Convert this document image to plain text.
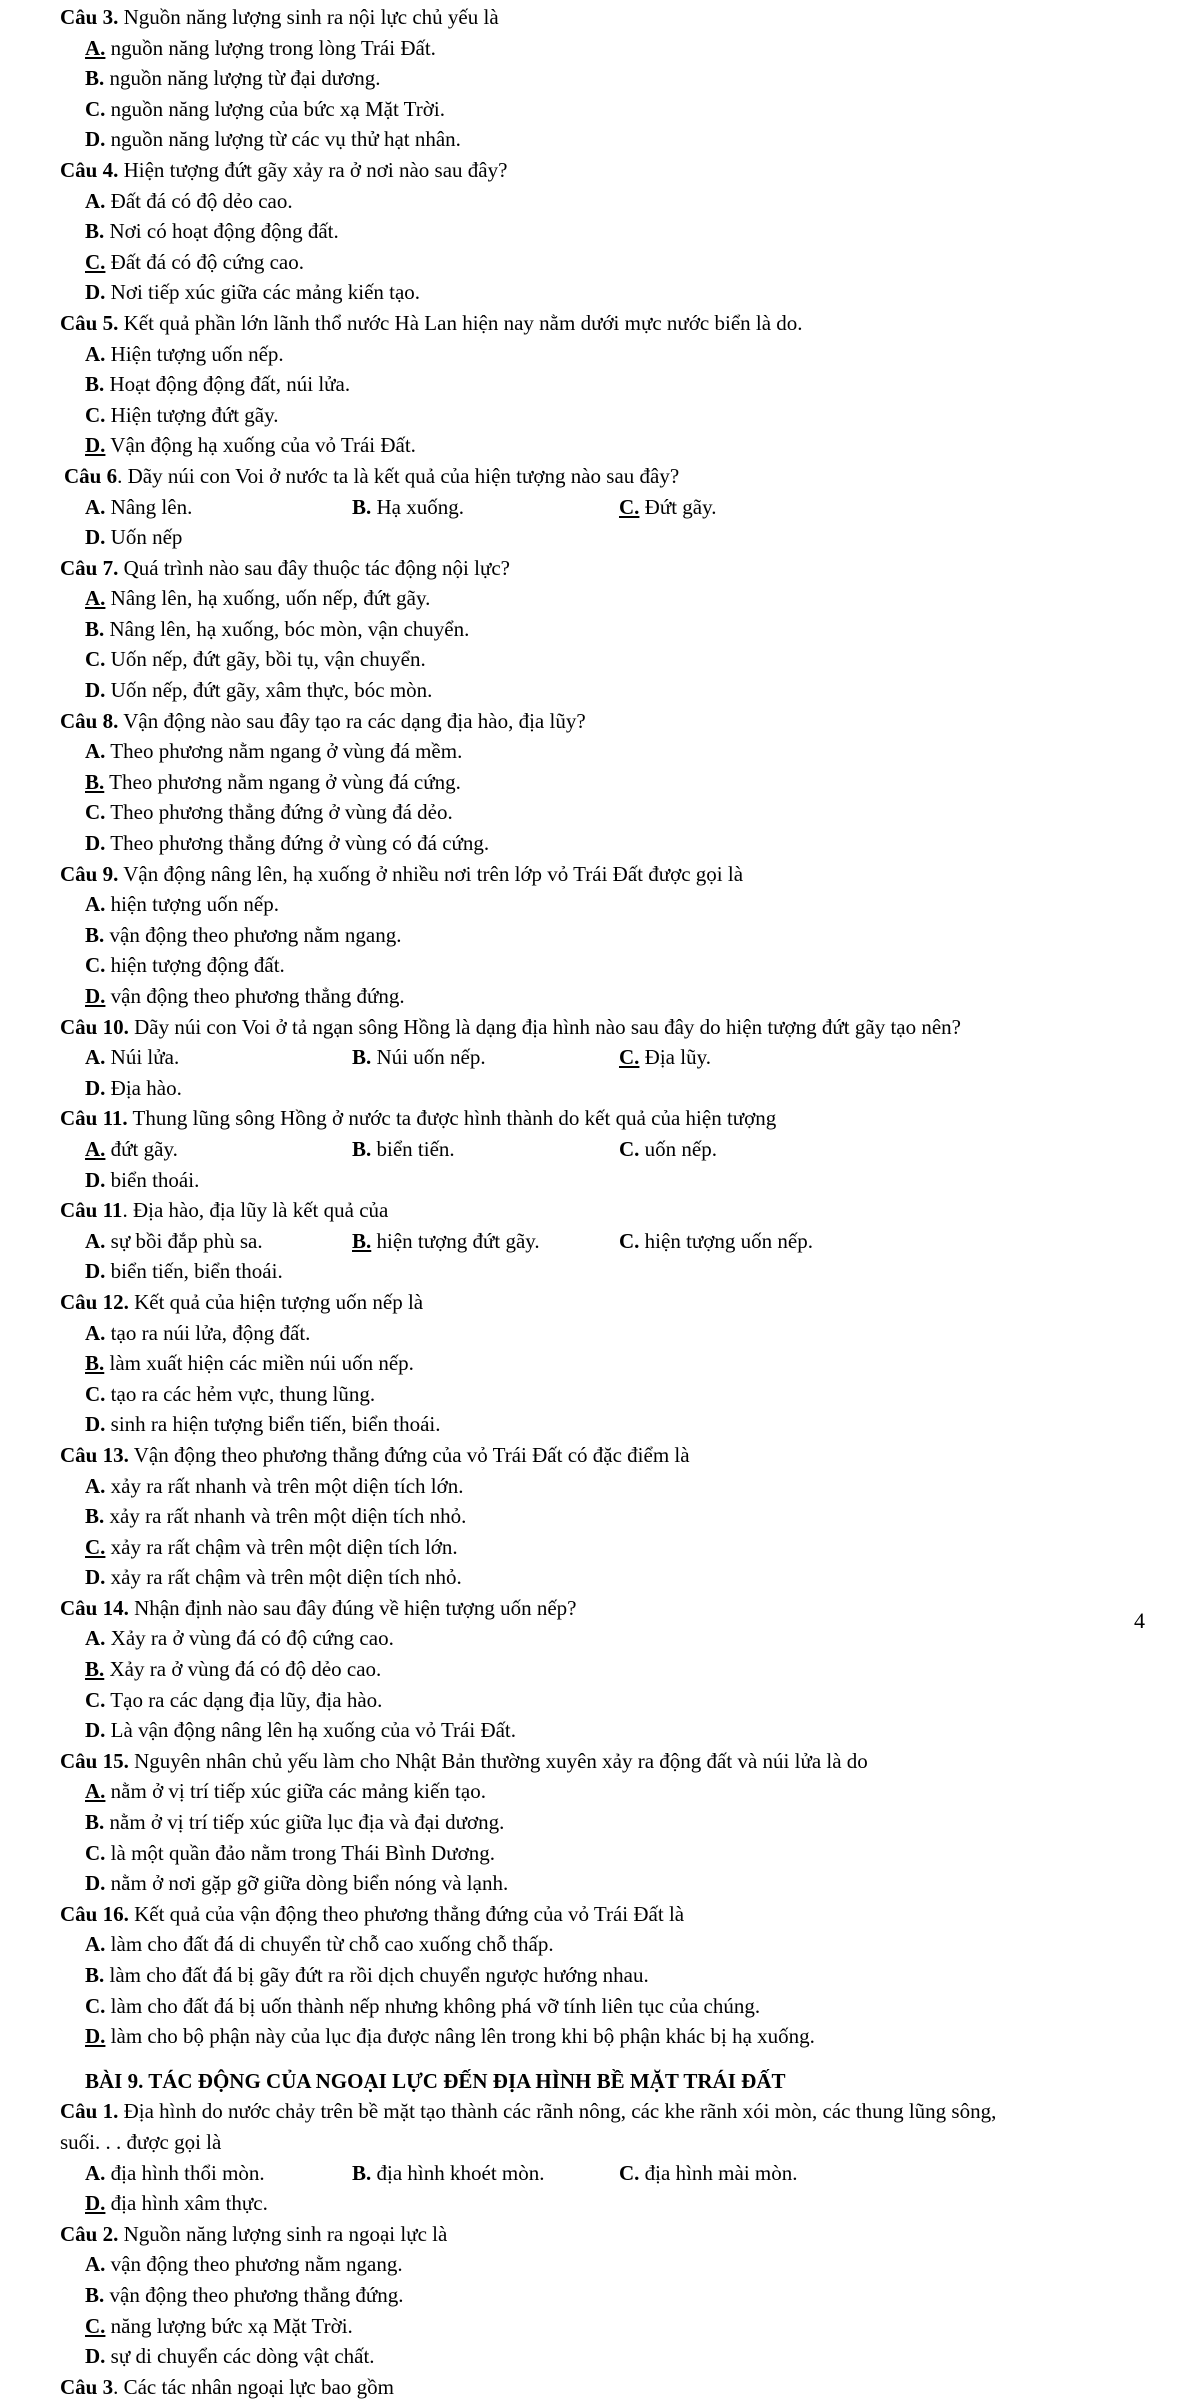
Câu 3. Nguồn năng lượng sinh ra nội lực chủ yếu là
A. nguồn năng lượng trong lòng Trái Đất.
B. nguồn năng lượng từ đại dương.
C. nguồn năng lượng của bức xạ Mặt Trời.
D. nguồn năng lượng từ các vụ thử hạt nhân.
Câu 4. Hiện tượng đứt gãy xảy ra ở nơi nào sau đây?
A. Đất đá có độ dẻo cao.
B. Nơi có hoạt động động đất.
C. Đất đá có độ cứng cao.
D. Nơi tiếp xúc giữa các mảng kiến tạo.
Câu 5. Kết quả phần lớn lãnh thổ nước Hà Lan hiện nay nằm dưới mực nước biển là do.
A. Hiện tượng uốn nếp.
B. Hoạt động động đất, núi lửa.
C. Hiện tượng đứt gãy.
D. Vận động hạ xuống của vỏ Trái Đất.
Câu 6. Dãy núi con Voi ở nước ta là kết quả của hiện tượng nào sau đây?
A. Nâng lên.	B. Hạ xuống.	C. Đứt gãy.
D. Uốn nếp
Câu 7. Quá trình nào sau đây thuộc tác động nội lực?
A. Nâng lên, hạ xuống, uốn nếp, đứt gãy.
B. Nâng lên, hạ xuống, bóc mòn, vận chuyển.
C. Uốn nếp, đứt gãy, bồi tụ, vận chuyển.
D. Uốn nếp, đứt gãy, xâm thực, bóc mòn.
Câu 8. Vận động nào sau đây tạo ra các dạng địa hào, địa lũy?
A. Theo phương nằm ngang ở vùng đá mềm.
B. Theo phương nằm ngang ở vùng đá cứng.
C. Theo phương thẳng đứng ở vùng đá dẻo.
D. Theo phương thẳng đứng ở vùng có đá cứng.
Câu 9. Vận động nâng lên, hạ xuống ở nhiều nơi trên lớp vỏ Trái Đất được gọi là
A. hiện tượng uốn nếp.
B. vận động theo phương nằm ngang.
C. hiện tượng động đất.
D. vận động theo phương thẳng đứng.
Câu 10. Dãy núi con Voi ở tả ngạn sông Hồng là dạng địa hình nào sau đây do hiện tượng đứt gãy tạo nên?
A. Núi lửa.	B. Núi uốn nếp.	C. Địa lũy.
D. Địa hào.
Câu 11. Thung lũng sông Hồng ở nước ta được hình thành do kết quả của hiện tượng
A. đứt gãy.	B. biển tiến.	C. uốn nếp.
D. biển thoái.
Câu 11. Địa hào, địa lũy là kết quả của
A. sự bồi đắp phù sa.	B. hiện tượng đứt gãy.	C. hiện tượng uốn nếp.
D. biển tiến, biển thoái.
Câu 12. Kết quả của hiện tượng uốn nếp là
A. tạo ra núi lửa, động đất.
B. làm xuất hiện các miền núi uốn nếp.
C. tạo ra các hẻm vực, thung lũng.
D. sinh ra hiện tượng biển tiến, biển thoái.
Câu 13. Vận động theo phương thẳng đứng của vỏ Trái Đất có đặc điểm là
A. xảy ra rất nhanh và trên một diện tích lớn.
B. xảy ra rất nhanh và trên một diện tích nhỏ.
C. xảy ra rất chậm và trên một diện tích lớn.
D. xảy ra rất chậm và trên một diện tích nhỏ.
Câu 14. Nhận định nào sau đây đúng về hiện tượng uốn nếp?
A. Xảy ra ở vùng đá có độ cứng cao.
B. Xảy ra ở vùng đá có độ dẻo cao.
C. Tạo ra các dạng địa lũy, địa hào.
D. Là vận động nâng lên hạ xuống của vỏ Trái Đất.
Câu 15. Nguyên nhân chủ yếu làm cho Nhật Bản thường xuyên xảy ra động đất và núi lửa là do
A. nằm ở vị trí tiếp xúc giữa các mảng kiến tạo.
B. nằm ở vị trí tiếp xúc giữa lục địa và đại dương.
C. là một quần đảo nằm trong Thái Bình Dương.
D. nằm ở nơi gặp gỡ giữa dòng biển nóng và lạnh.
Câu 16. Kết quả của vận động theo phương thẳng đứng của vỏ Trái Đất là
A. làm cho đất đá di chuyển từ chỗ cao xuống chỗ thấp.
B. làm cho đất đá bị gãy đứt ra rồi dịch chuyển ngược hướng nhau.
C. làm cho đất đá bị uốn thành nếp nhưng không phá vỡ tính liên tục của chúng.
D. làm cho bộ phận này của lục địa được nâng lên trong khi bộ phận khác bị hạ xuống.
BÀI 9. TÁC ĐỘNG CỦA NGOẠI LỰC ĐẾN ĐỊA HÌNH BỀ MẶT TRÁI ĐẤT
Câu 1. Địa hình do nước chảy trên bề mặt tạo thành các rãnh nông, các khe rãnh xói mòn, các thung lũng sông,
suối. . . được gọi là
A. địa hình thổi mòn.	B. địa hình khoét mòn.	C. địa hình mài mòn.
D. địa hình xâm thực.
Câu 2. Nguồn năng lượng sinh ra ngoại lực là
A. vận động theo phương nằm ngang.
B. vận động theo phương thẳng đứng.
C. năng lượng bức xạ Mặt Trời.
D. sự di chuyển các dòng vật chất.
Câu 3. Các tác nhân ngoại lực bao gồm
4
